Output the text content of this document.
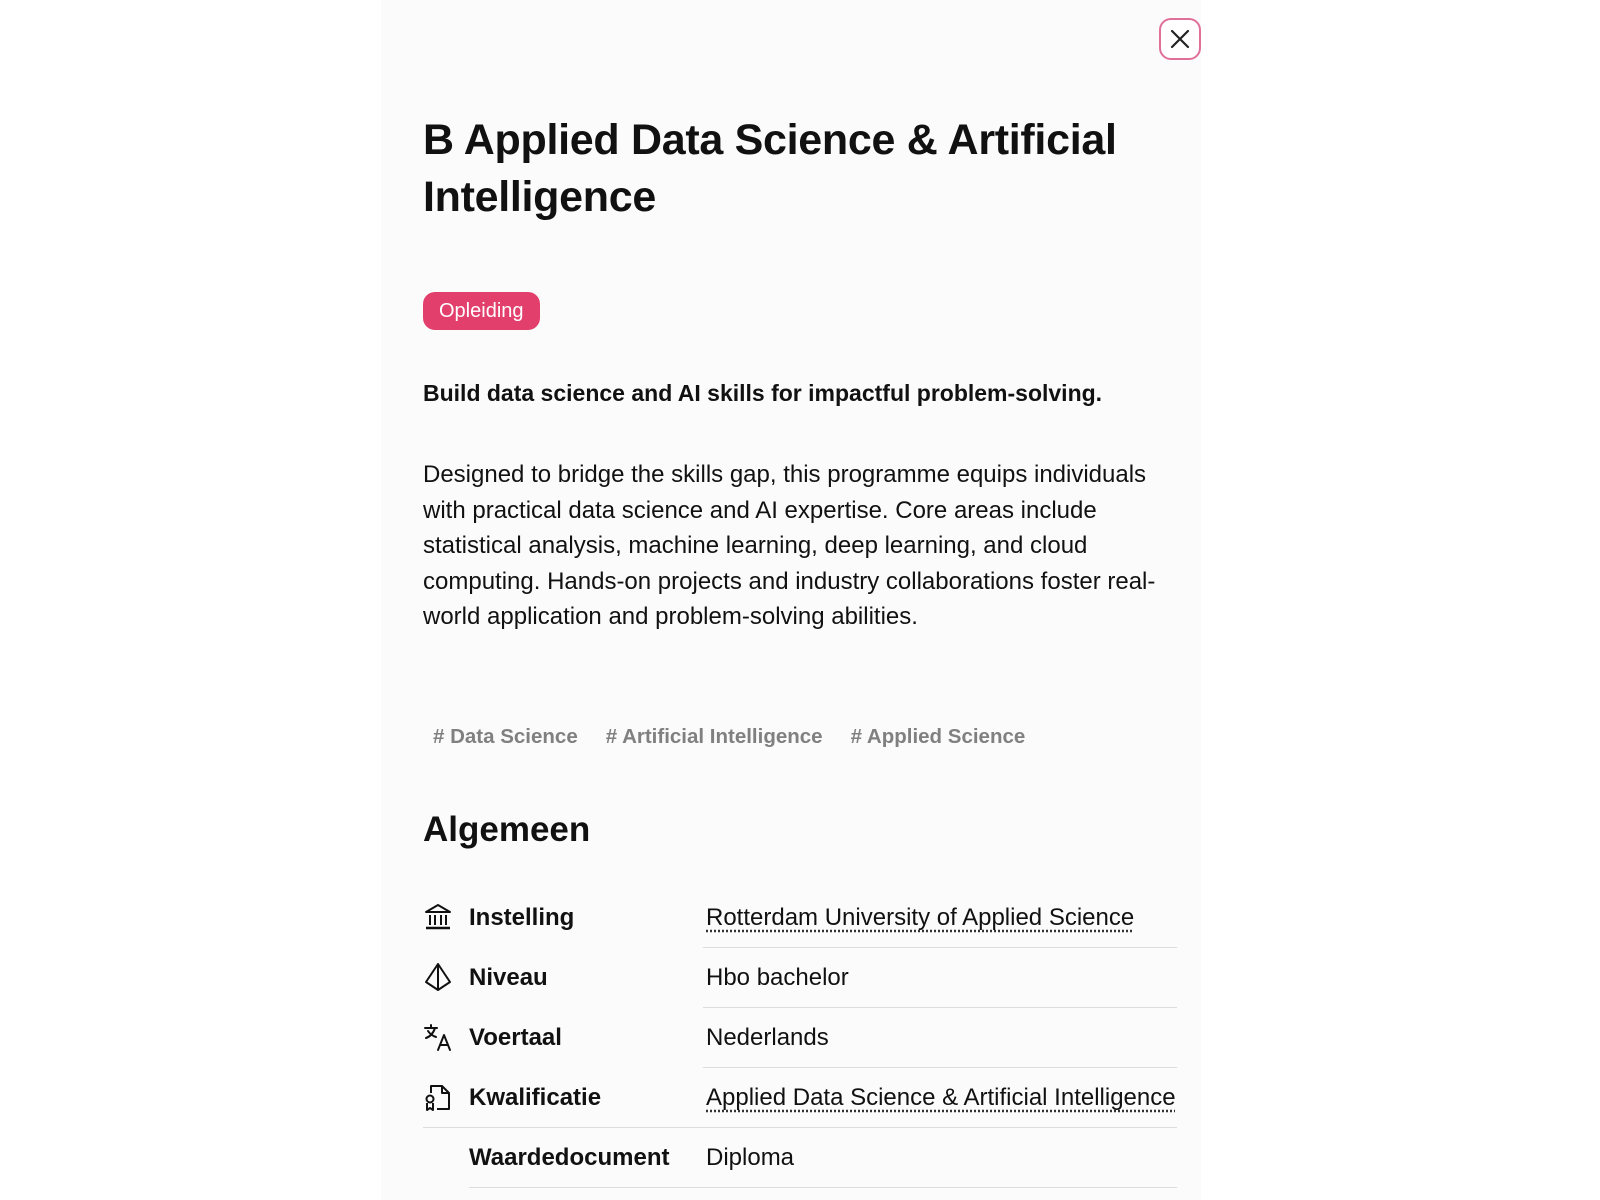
B Applied Data Science & Artificial Intelligence
Opleiding

Build data science and AI skills for impactful problem-solving.

Designed to bridge the skills gap, this programme equips individuals with practical data science and AI expertise. Core areas include statistical analysis, machine learning, deep learning, and cloud computing. Hands-on projects and industry collaborations foster real-world application and problem-solving abilities.

# Data Science # Artificial Intelligence # Applied Science
Algemeen
Instelling	Rotterdam University of Applied Science
Niveau	Hbo bachelor
Voertaal	Nederlands
Kwalificatie	Applied Data Science & Artificial Intelligence
Waardedocument Diploma
